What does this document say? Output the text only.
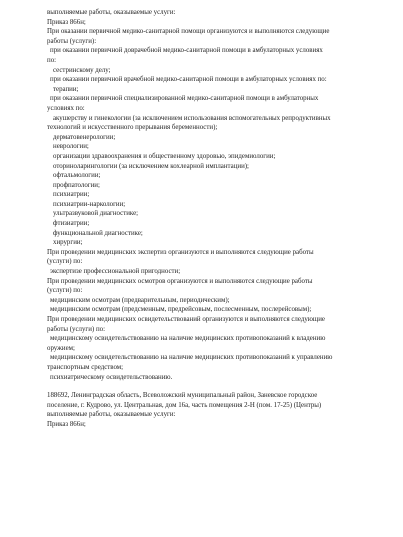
выполняемые работы, оказываемые услуги:
Приказ 866н;
При оказании первичной медико-санитарной помощи организуются и выполняются следующие
работы (услуги):
при оказании первичной доврачебной медико-санитарной помощи в амбулаторных условиях
по:
сестринскому делу;
при оказании первичной врачебной медико-санитарной помощи в амбулаторных условиях по:
терапии;
при оказании первичной специализированной медико-санитарной помощи в амбулаторных
условиях по:
акушерству и гинекологии (за исключением использования вспомогательных репродуктивных
технологий и искусственного прерывания беременности);
дерматовенерологии;
неврологии;
организации здравоохранения и общественному здоровью, эпидемиологии;
оториноларингологии (за исключением кохлеарной имплантации);
офтальмологии;
профпатологии;
психиатрии;
психиатрии-наркологии;
ультразвуковой диагностике;
фтизиатрии;
функциональной диагностике;
хирургии;
При проведении медицинских экспертиз организуются и выполняются следующие работы
(услуги) по:
экспертизе профессиональной пригодности;
При проведении медицинских осмотров организуются и выполняются следующие работы
(услуги) по:
медицинским осмотрам (предварительным, периодическим);
медицинским осмотрам (предсменным, предрейсовым, послесменным, послерейсовым);
При проведении медицинских освидетельствований организуются и выполняются следующие
работы (услуги) по:
медицинскому освидетельствованию на наличие медицинских противопоказаний к владению
оружием;
медицинскому освидетельствованию на наличие медицинских противопоказаний к управлению
транспортным средством;
психиатрическому освидетельствованию.
188692, Ленинградская область, Всеволожский муниципальный район, Заневское городское
поселение, г. Кудрово, ул. Центральная, дом 16а, часть помещения 2-Н (пом. 17-25) (Центры)
выполняемые работы, оказываемые услуги:
Приказ 866н;
